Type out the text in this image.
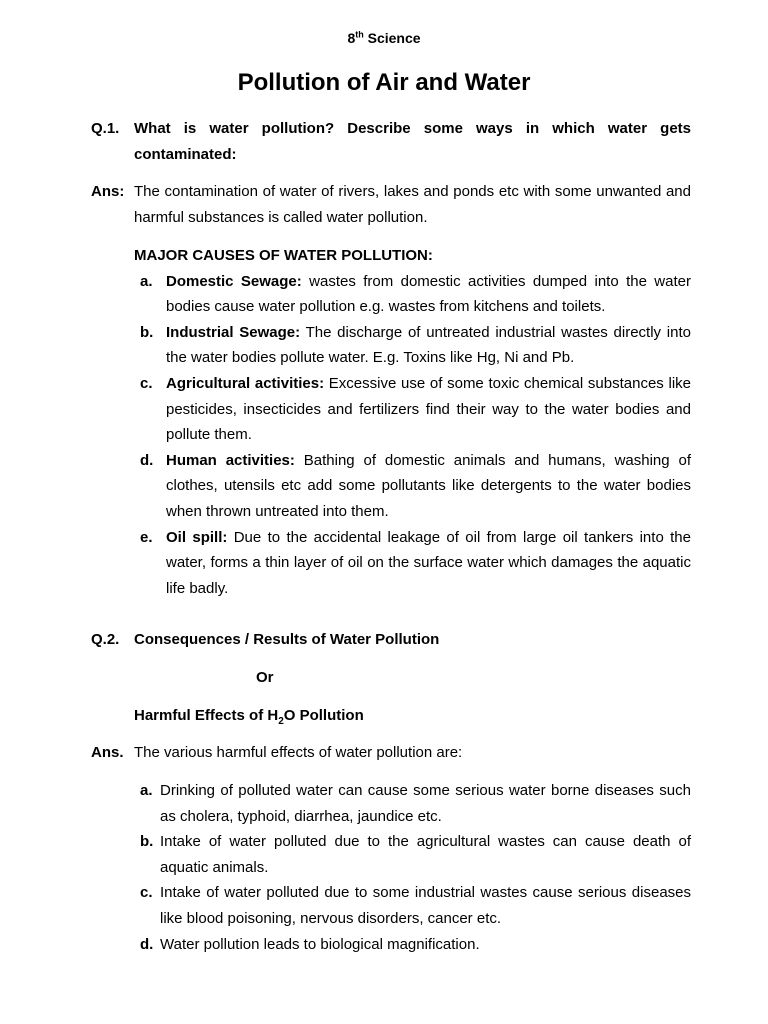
8th Science
Pollution of Air and Water
Q.1. What is water pollution? Describe some ways in which water gets contaminated:
Ans: The contamination of water of rivers, lakes and ponds etc with some unwanted and harmful substances is called water pollution.
MAJOR CAUSES OF WATER POLLUTION:
a. Domestic Sewage: wastes from domestic activities dumped into the water bodies cause water pollution e.g. wastes from kitchens and toilets.
b. Industrial Sewage: The discharge of untreated industrial wastes directly into the water bodies pollute water. E.g. Toxins like Hg, Ni and Pb.
c. Agricultural activities: Excessive use of some toxic chemical substances like pesticides, insecticides and fertilizers find their way to the water bodies and pollute them.
d. Human activities: Bathing of domestic animals and humans, washing of clothes, utensils etc add some pollutants like detergents to the water bodies when thrown untreated into them.
e. Oil spill: Due to the accidental leakage of oil from large oil tankers into the water, forms a thin layer of oil on the surface water which damages the aquatic life badly.
Q.2. Consequences / Results of Water Pollution
Or
Harmful Effects of $H_2O$ Pollution
Ans. The various harmful effects of water pollution are:
a. Drinking of polluted water can cause some serious water borne diseases such as cholera, typhoid, diarrhea, jaundice etc.
b. Intake of water polluted due to the agricultural wastes can cause death of aquatic animals.
c. Intake of water polluted due to some industrial wastes cause serious diseases like blood poisoning, nervous disorders, cancer etc.
d. Water pollution leads to biological magnification.
